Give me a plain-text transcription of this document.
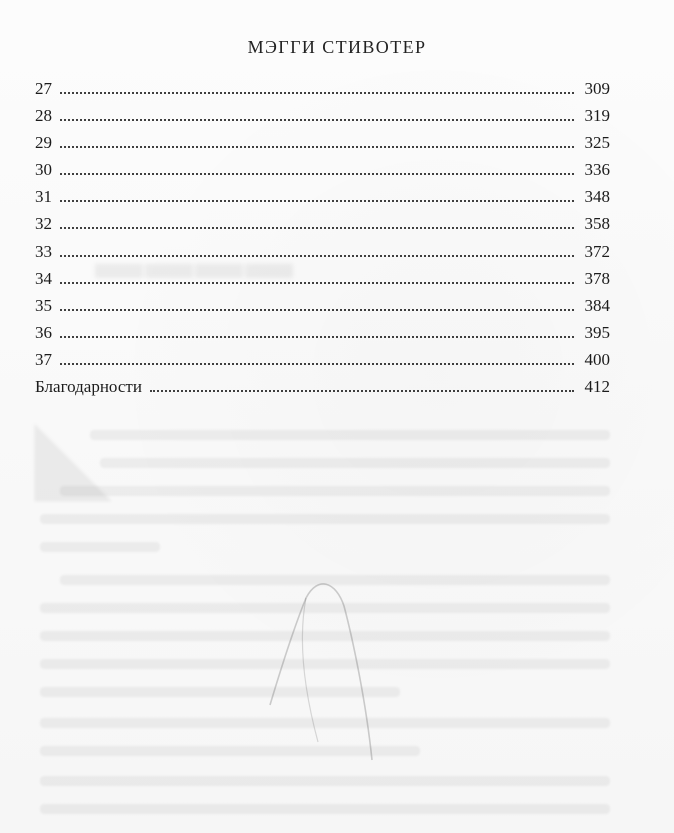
▬▬▬▬
◣
МЭГГИ СТИВОТЕР
27	309
28	319
29	325
30	336
31	348
32	358
33	372
34	378
35	384
36	395
37	400
Благодарности	412
